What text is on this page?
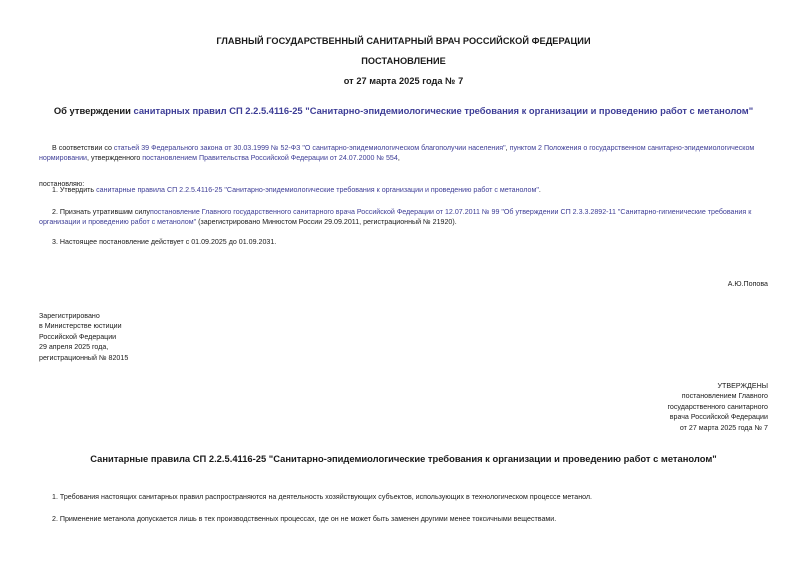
ГЛАВНЫЙ ГОСУДАРСТВЕННЫЙ САНИТАРНЫЙ ВРАЧ РОССИЙСКОЙ ФЕДЕРАЦИИ
ПОСТАНОВЛЕНИЕ
от 27 марта 2025 года № 7
Об утверждении санитарных правил СП 2.2.5.4116-25 "Санитарно-эпидемиологические требования к организации и проведению работ с метанолом"
В соответствии со статьей 39 Федерального закона от 30.03.1999 № 52-ФЗ "О санитарно-эпидемиологическом благополучии населения", пунктом 2 Положения о государственном санитарно-эпидемиологическом нормировании, утвержденного постановлением Правительства Российской Федерации от 24.07.2000 № 554,
постановляю:
1. Утвердить санитарные правила СП 2.2.5.4116-25 "Санитарно-эпидемиологические требования к организации и проведению работ с метанолом".
2. Признать утратившим силупостановление Главного государственного санитарного врача Российской Федерации от 12.07.2011 № 99 "Об утверждении СП 2.3.3.2892-11 "Санитарно-гигиенические требования к организации и проведению работ с метанолом" (зарегистрировано Минюстом России 29.09.2011, регистрационный № 21920).
3. Настоящее постановление действует с 01.09.2025 до 01.09.2031.
А.Ю.Попова
Зарегистрировано
в Министерстве юстиции
Российской Федерации
29 апреля 2025 года,
регистрационный № 82015
УТВЕРЖДЕНЫ
постановлением Главного
государственного санитарного
врача Российской Федерации
от 27 марта 2025 года № 7
Санитарные правила СП 2.2.5.4116-25 "Санитарно-эпидемиологические требования к организации и проведению работ с метанолом"
1. Требования настоящих санитарных правил распространяются на деятельность хозяйствующих субъектов, использующих в технологическом процессе метанол.
2. Применение метанола допускается лишь в тех производственных процессах, где он не может быть заменен другими менее токсичными веществами.
